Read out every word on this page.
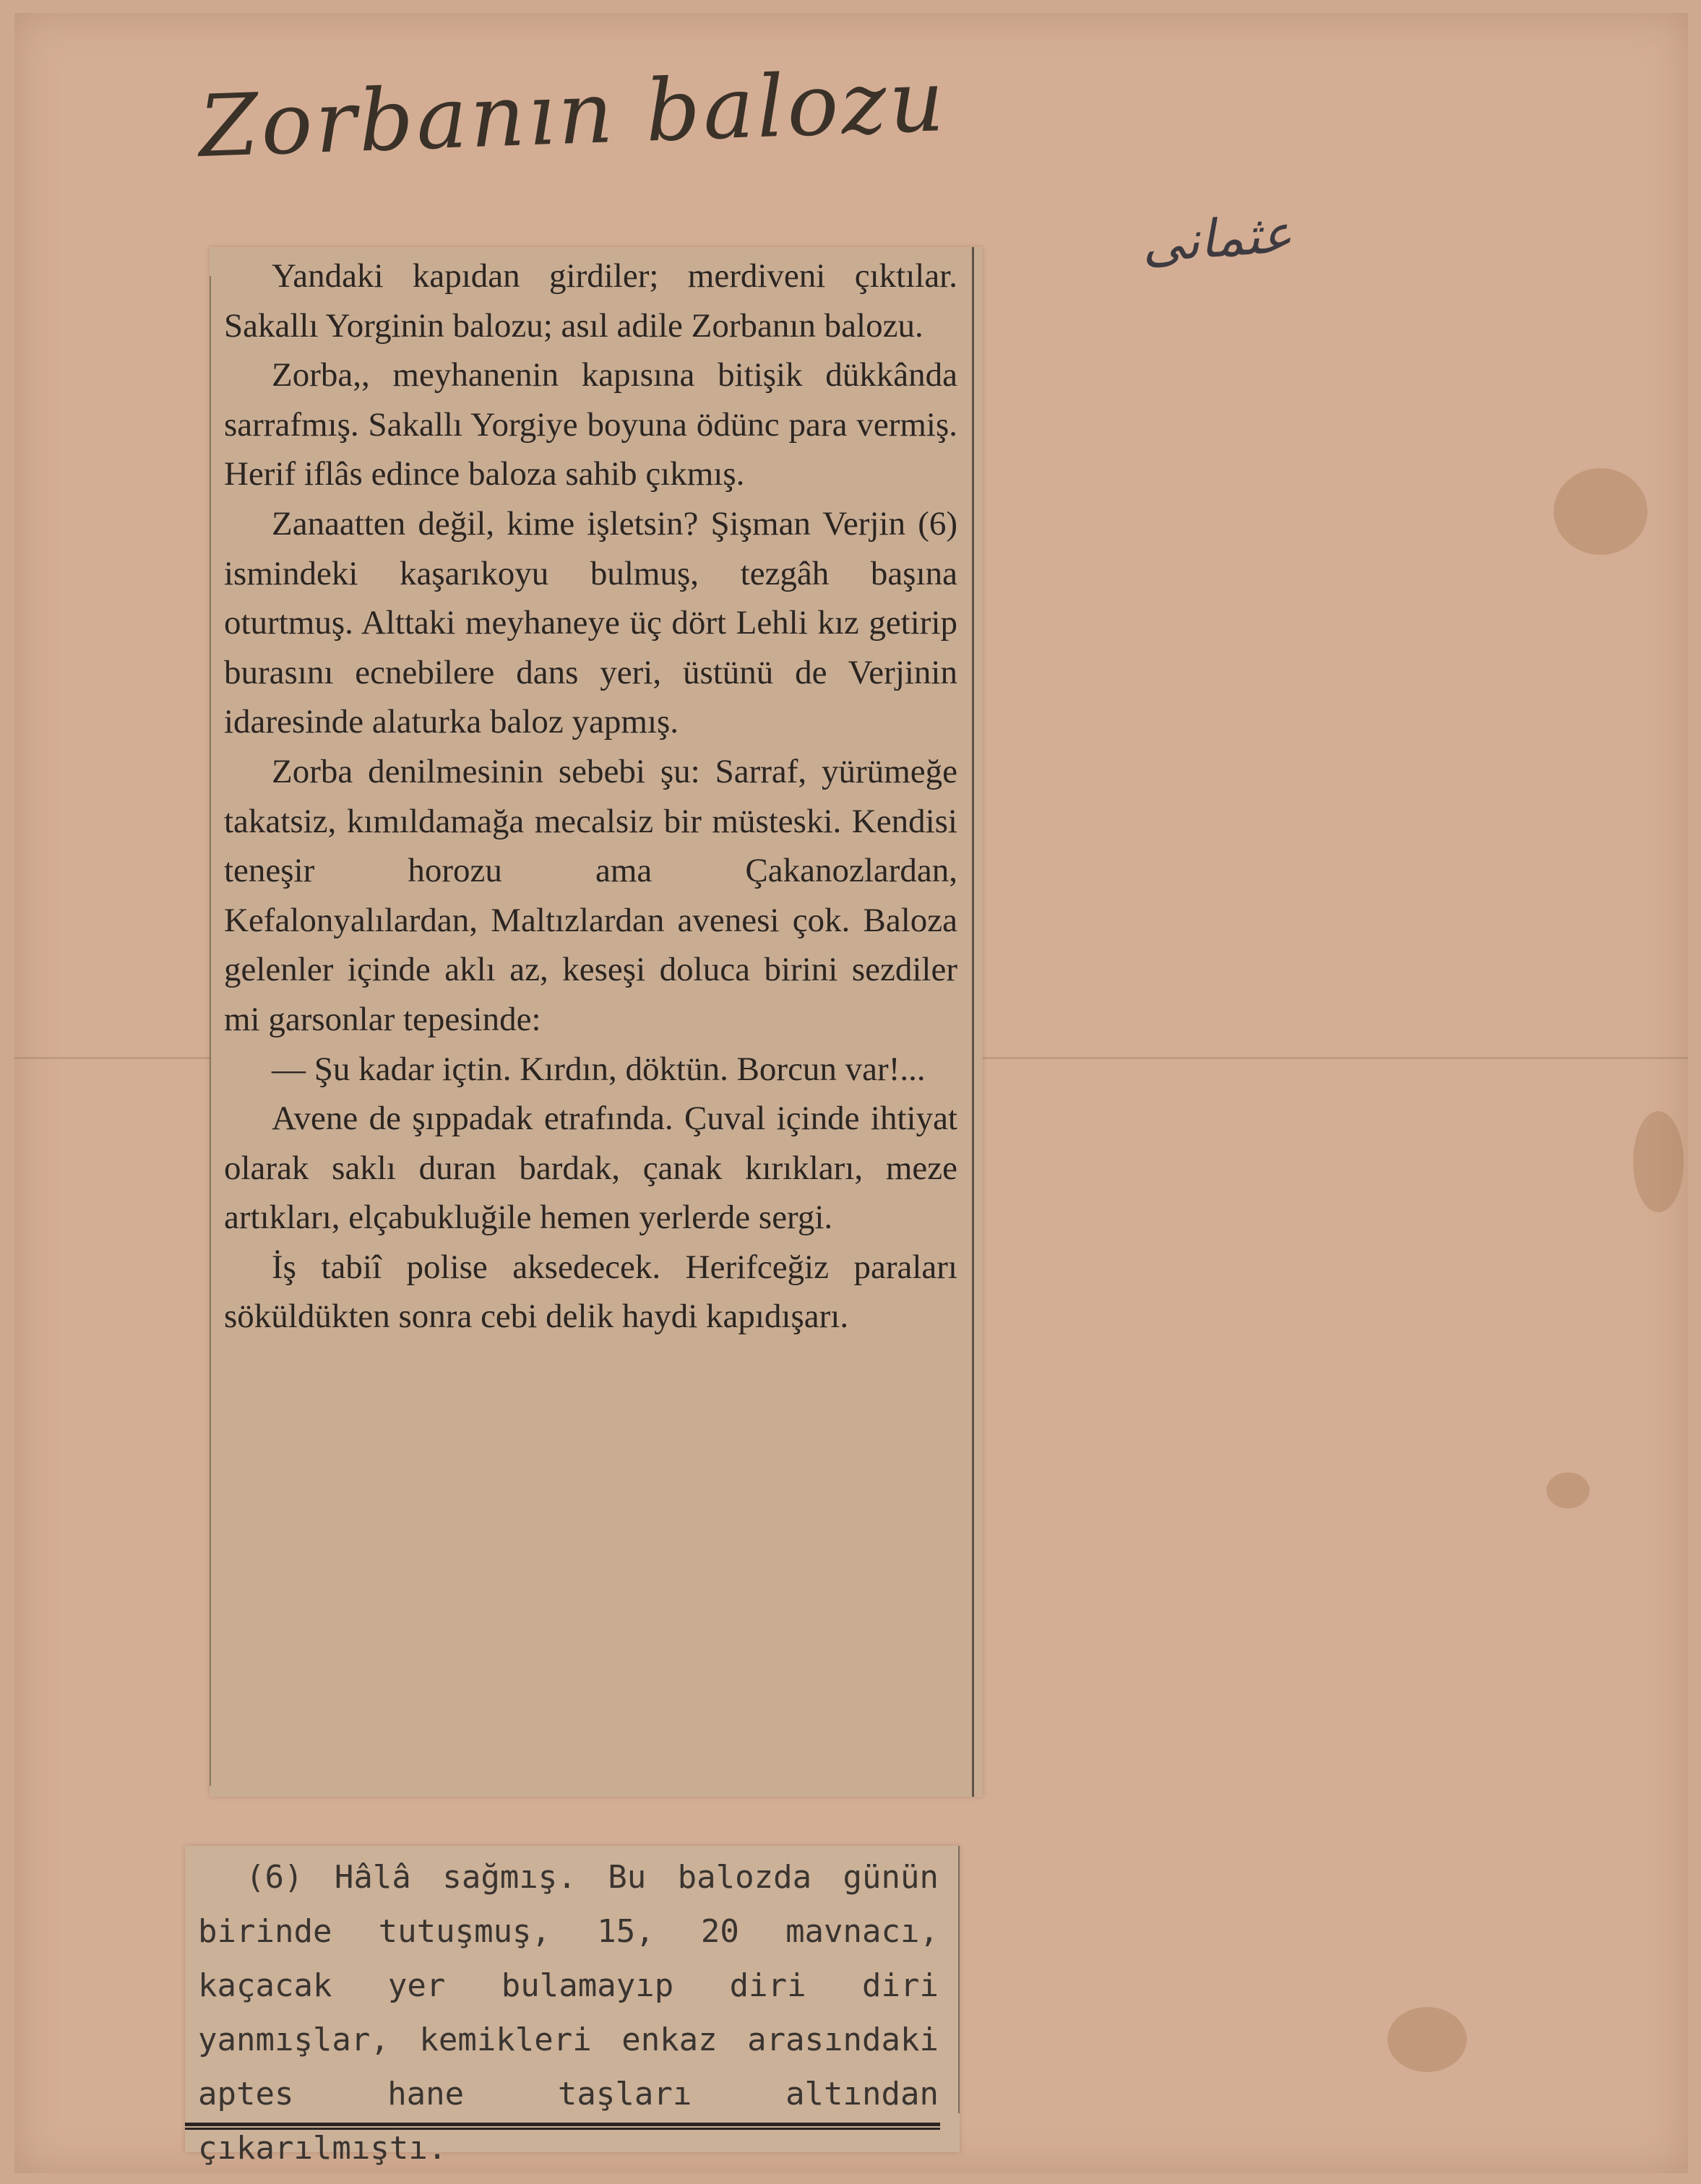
Zorbanın balozu
عثمانی

Yandaki kapıdan girdiler; merdiveni çıktılar. Sakallı Yorginin balozu; asıl adile Zorbanın balozu.

Zorba,, meyhanenin kapısına bitişik dükkânda sarrafmış. Sakallı Yorgiye boyuna ödünc para vermiş. Herif iflâs edince baloza sahib çıkmış.

Zanaatten değil, kime işletsin? Şişman Verjin (6) ismindeki kaşarıkoyu bulmuş, tezgâh başına oturtmuş. Alttaki meyhaneye üç dört Lehli kız getirip burasını ecnebilere dans yeri, üstünü de Verjinin idaresinde alaturka baloz yapmış.

Zorba denilmesinin sebebi şu: Sarraf, yürümeğe takatsiz, kımıldamağa mecalsiz bir müsteski. Kendisi teneşir horozu ama Çakanozlardan, Kefalonyalılardan, Maltızlardan avenesi çok. Baloza gelenler içinde aklı az, keseşi doluca birini sezdiler mi garsonlar tepesinde:

— Şu kadar içtin. Kırdın, döktün. Borcun var!...

Avene de şıppadak etrafında. Çuval içinde ihtiyat olarak saklı duran bardak, çanak kırıkları, meze artıkları, elçabukluğile hemen yerlerde sergi.

İş tabiî polise aksedecek. Herifceğiz paraları söküldükten sonra cebi delik haydi kapıdışarı.

(6) Hâlâ sağmış. Bu balozda günün birinde tutuşmuş, 15, 20 mavnacı, kaçacak yer bulamayıp diri diri yanmışlar, kemikleri enkaz arasındaki aptes hane taşları altından çıkarılmıştı.
